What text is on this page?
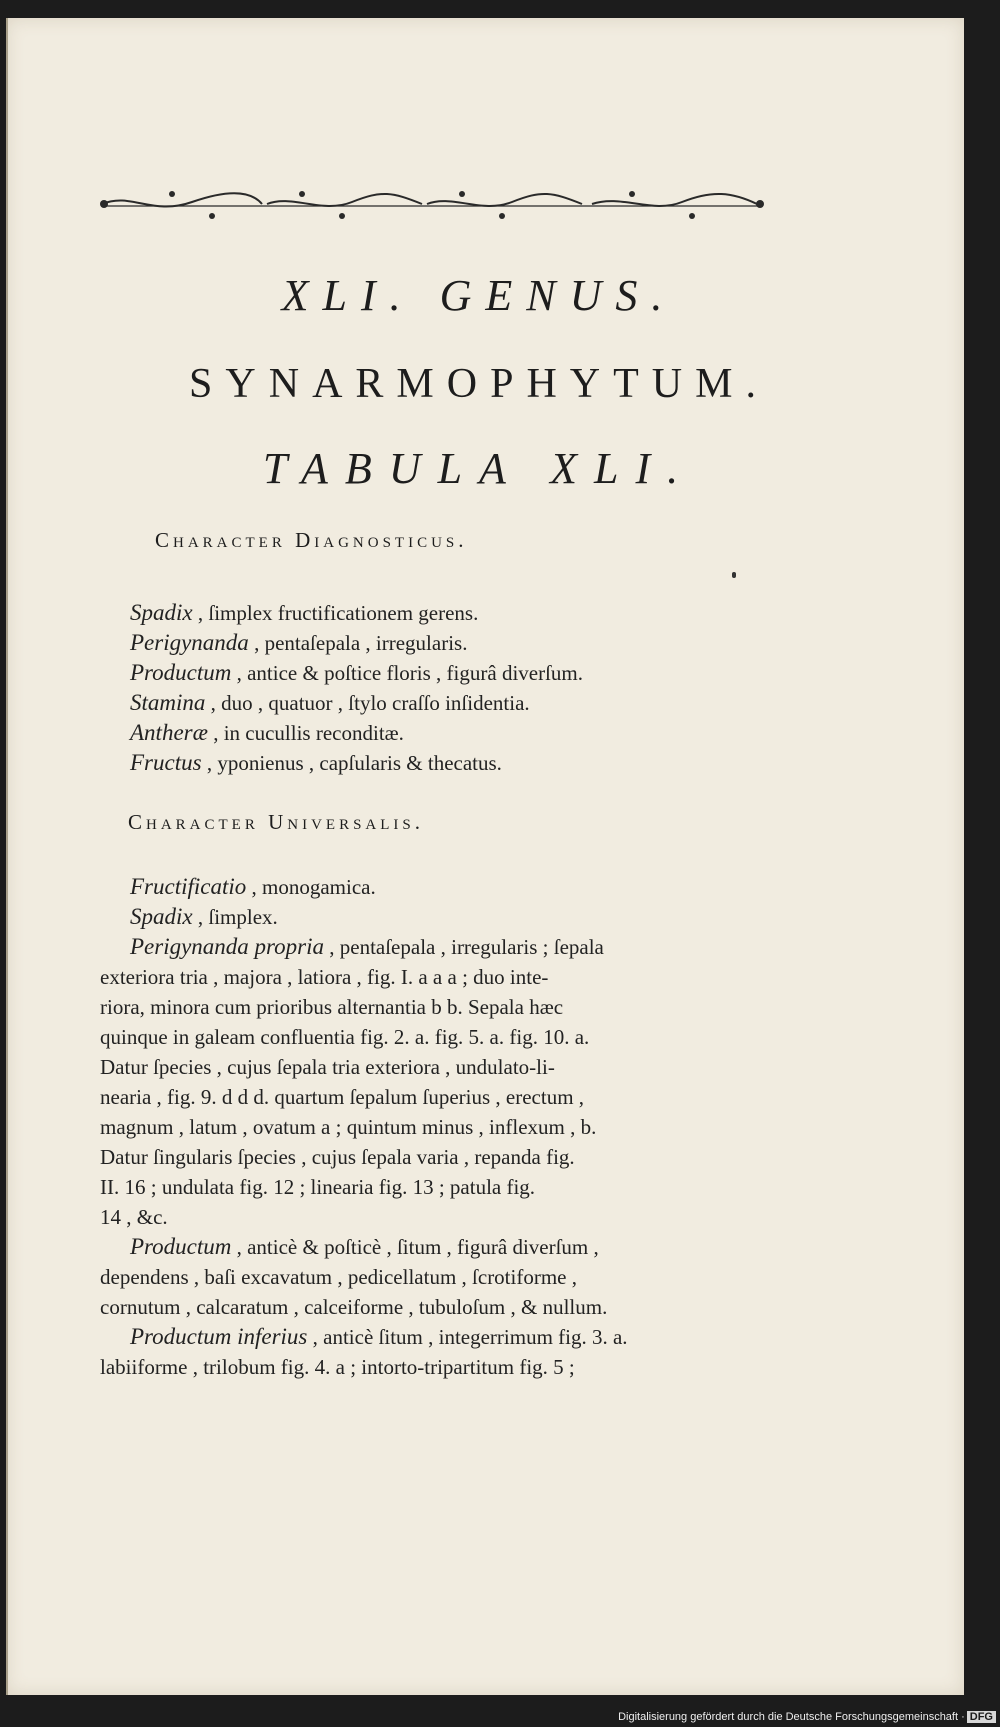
XLI. GENUS.
SYNARMOPHYTUM.
TABULA XLI.
Character Diagnosticus.
Spadix , ſimplex fructificationem gerens.
Perigynanda , pentaſepala , irregularis.
Productum , antice & poſtice floris , figurâ diverſum.
Stamina , duo , quatuor , ſtylo craſſo inſidentia.
Antheræ , in cucullis reconditæ.
Fructus , yponienus , capſularis & thecatus.
Character Universalis.
Fructificatio , monogamica.
Spadix , ſimplex.
Perigynanda propria , pentaſepala , irregularis ; ſepala
exteriora tria , majora , latiora , fig. I. a a a ; duo inte-
riora, minora cum prioribus alternantia b b. Sepala hæc
quinque in galeam confluentia fig. 2. a. fig. 5. a. fig. 10. a.
Datur ſpecies , cujus ſepala tria exteriora , undulato-li-
nearia , fig. 9. d d d. quartum ſepalum ſuperius , erectum ,
magnum , latum , ovatum a ; quintum minus , inflexum , b.
Datur ſingularis ſpecies , cujus ſepala varia , repanda fig.
II. 16 ; undulata fig. 12 ; linearia fig. 13 ; patula fig.
14 , &c.
Productum , anticè & poſticè , ſitum , figurâ diverſum ,
dependens , baſi excavatum , pedicellatum , ſcrotiforme ,
cornutum , calcaratum , calceiforme , tubuloſum , & nullum.
Productum inferius , anticè ſitum , integerrimum fig. 3. a.
labiiforme , trilobum fig. 4. a ; intorto-tripartitum fig. 5 ;
Digitalisierung gefördert durch die Deutsche Forschungsgemeinschaft · DFG
